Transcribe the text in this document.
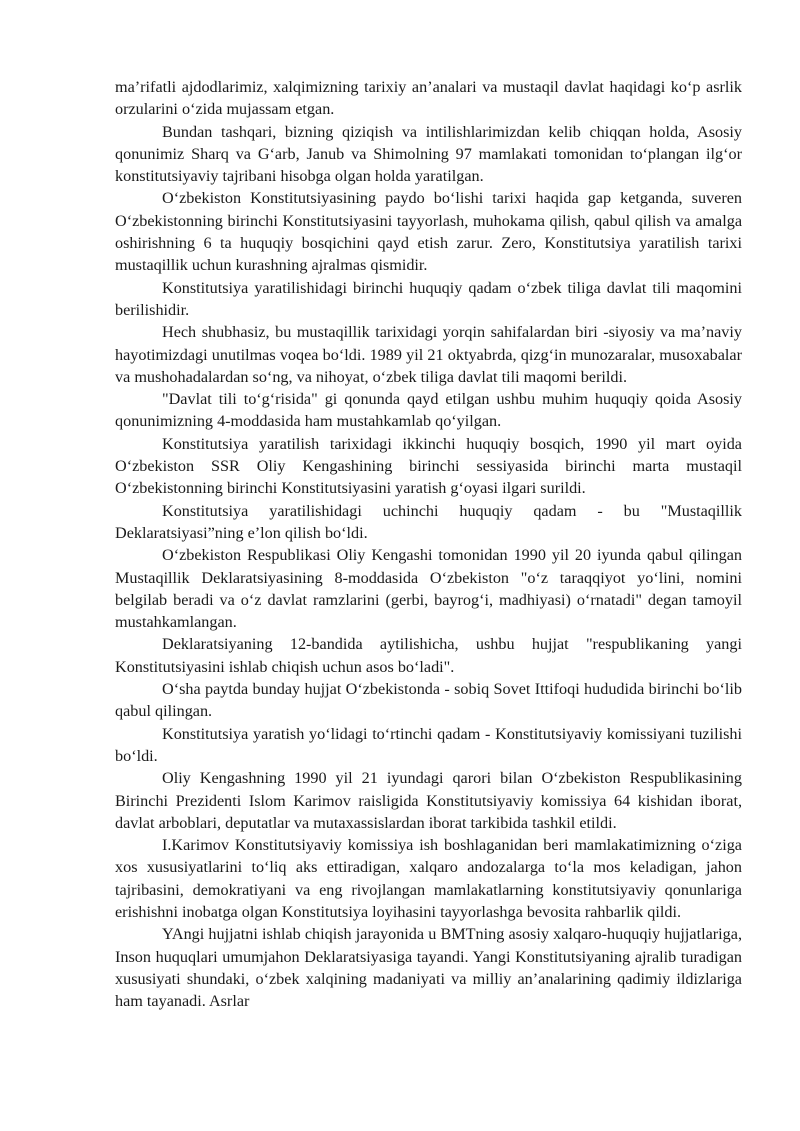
ma’rifatli ajdodlarimiz, xalqimizning tarixiy an’analari va mustaqil davlat haqidagi ko‘p asrlik orzularini o‘zida mujassam etgan.

Bundan tashqari, bizning qiziqish va intilishlarimizdan kelib chiqqan holda, Asosiy qonunimiz Sharq va G‘arb, Janub va Shimolning 97 mamlakati tomonidan to‘plangan ilg‘or konstitutsiyaviy tajribani hisobga olgan holda yaratilgan.

O‘zbekiston Konstitutsiyasining paydo bo‘lishi tarixi haqida gap ketganda, suveren O‘zbekistonning birinchi Konstitutsiyasini tayyorlash, muhokama qilish, qabul qilish va amalga oshirishning 6 ta huquqiy bosqichini qayd etish zarur. Zero, Konstitutsiya yaratilish tarixi mustaqillik uchun kurashning ajralmas qismidir.

Konstitutsiya yaratilishidagi birinchi huquqiy qadam o‘zbek tiliga davlat tili maqomini berilishidir.

Hech shubhasiz, bu mustaqillik tarixidagi yorqin sahifalardan biri -siyosiy va ma’naviy hayotimizdagi unutilmas voqea bo‘ldi. 1989 yil 21 oktyabrda, qizg‘in munozaralar, musoxabalar va mushohadalardan so‘ng, va nihoyat, o‘zbek tiliga davlat tili maqomi berildi.

"Davlat tili to‘g‘risida" gi qonunda qayd etilgan ushbu muhim huquqiy qoida Asosiy qonunimizning 4-moddasida ham mustahkamlab qo‘yilgan.

Konstitutsiya yaratilish tarixidagi ikkinchi huquqiy bosqich, 1990 yil mart oyida O‘zbekiston SSR Oliy Kengashining birinchi sessiyasida birinchi marta mustaqil O‘zbekistonning birinchi Konstitutsiyasini yaratish g‘oyasi ilgari surildi.

Konstitutsiya yaratilishidagi uchinchi huquqiy qadam - bu "Mustaqillik Deklaratsiyasi”ning e’lon qilish bo‘ldi.

O‘zbekiston Respublikasi Oliy Kengashi tomonidan 1990 yil 20 iyunda qabul qilingan Mustaqillik Deklaratsiyasining 8-moddasida O‘zbekiston "o‘z taraqqiyot yo‘lini, nomini belgilab beradi va o‘z davlat ramzlarini (gerbi, bayrog‘i, madhiyasi) o‘rnatadi" degan tamoyil mustahkamlangan.

Deklaratsiyaning 12-bandida aytilishicha, ushbu hujjat "respublikaning yangi Konstitutsiyasini ishlab chiqish uchun asos bo‘ladi".

O‘sha paytda bunday hujjat O‘zbekistonda - sobiq Sovet Ittifoqi hududida birinchi bo‘lib qabul qilingan.

Konstitutsiya yaratish yo‘lidagi to‘rtinchi qadam - Konstitutsiyaviy komissiyani tuzilishi bo‘ldi.

Oliy Kengashning 1990 yil 21 iyundagi qarori bilan O‘zbekiston Respublikasining Birinchi Prezidenti Islom Karimov raisligida Konstitutsiyaviy komissiya 64 kishidan iborat, davlat arboblari, deputatlar va mutaxassislardan iborat tarkibida tashkil etildi.

I.Karimov Konstitutsiyaviy komissiya ish boshlaganidan beri mamlakatimizning o‘ziga xos xususiyatlarini to‘liq aks ettiradigan, xalqaro andozalarga to‘la mos keladigan, jahon tajribasini, demokratiyani va eng rivojlangan mamlakatlarning konstitutsiyaviy qonunlariga erishishni inobatga olgan Konstitutsiya loyihasini tayyorlashga bevosita rahbarlik qildi.

YAngi hujjatni ishlab chiqish jarayonida u BMTning asosiy xalqaro-huquqiy hujjatlariga, Inson huquqlari umumjahon Deklaratsiyasiga tayandi. Yangi Konstitutsiyaning ajralib turadigan xususiyati shundaki, o‘zbek xalqining madaniyati va milliy an’analarining qadimiy ildizlariga ham tayanadi. Asrlar
